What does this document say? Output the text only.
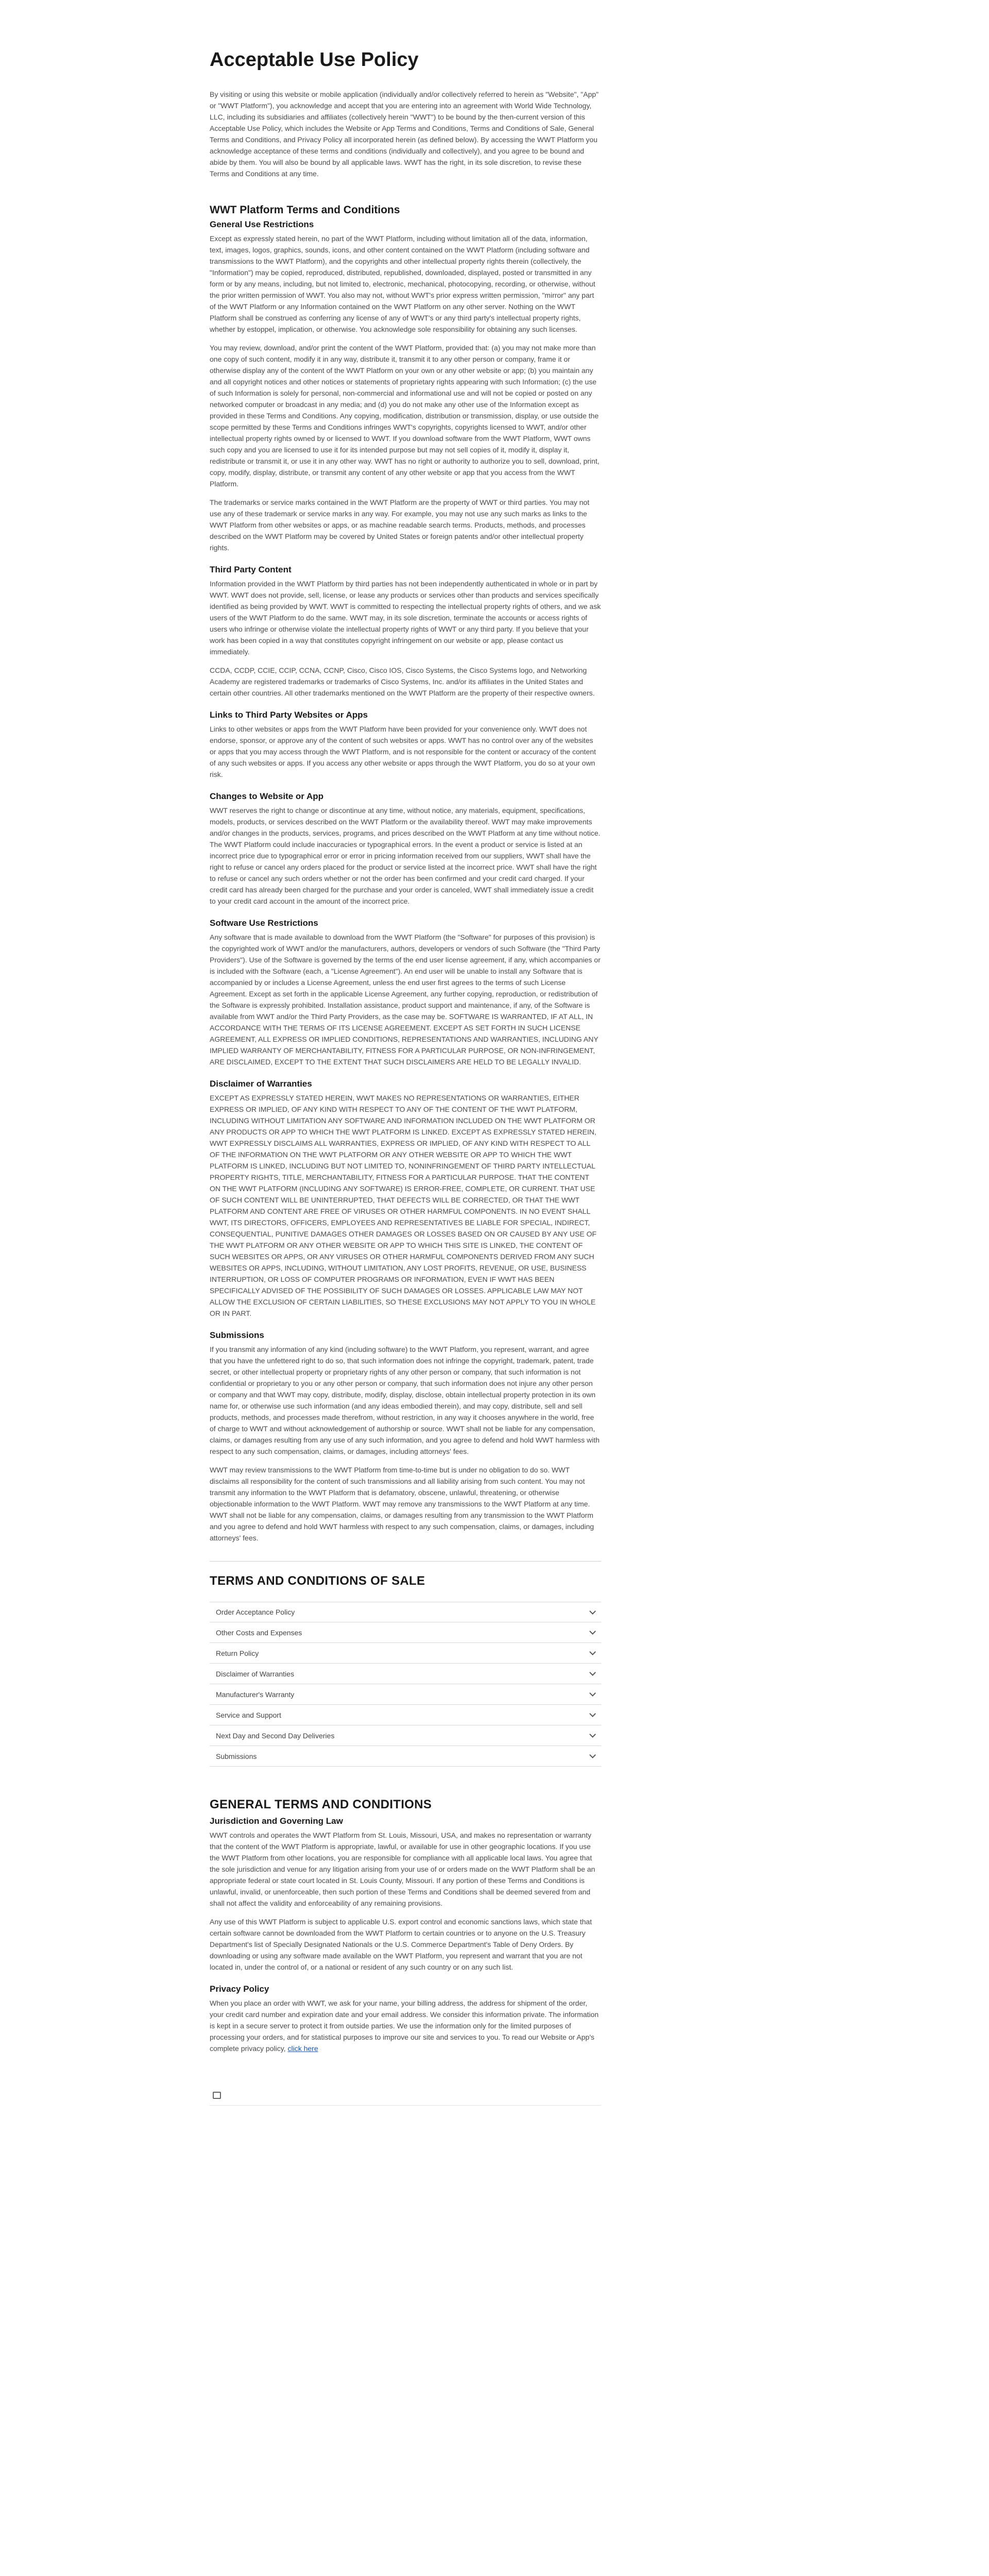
Acceptable Use Policy

By visiting or using this website or mobile application (individually and/or collectively referred to herein as "Website", "App" or "WWT Platform"), you acknowledge and accept that you are entering into an agreement with World Wide Technology, LLC, including its subsidiaries and affiliates (collectively herein "WWT") to be bound by the then-current version of this Acceptable Use Policy, which includes the Website or App Terms and Conditions, Terms and Conditions of Sale, General Terms and Conditions, and Privacy Policy all incorporated herein (as defined below). By accessing the WWT Platform you acknowledge acceptance of these terms and conditions (individually and collectively), and you agree to be bound and abide by them. You will also be bound by all applicable laws. WWT has the right, in its sole discretion, to revise these Terms and Conditions at any time.

WWT Platform Terms and Conditions
General Use Restrictions

Except as expressly stated herein, no part of the WWT Platform, including without limitation all of the data, information, text, images, logos, graphics, sounds, icons, and other content contained on the WWT Platform (including software and transmissions to the WWT Platform), and the copyrights and other intellectual property rights therein (collectively, the "Information") may be copied, reproduced, distributed, republished, downloaded, displayed, posted or transmitted in any form or by any means, including, but not limited to, electronic, mechanical, photocopying, recording, or otherwise, without the prior written permission of WWT. You also may not, without WWT's prior express written permission, "mirror" any part of the WWT Platform or any Information contained on the WWT Platform on any other server. Nothing on the WWT Platform shall be construed as conferring any license of any of WWT's or any third party's intellectual property rights, whether by estoppel, implication, or otherwise. You acknowledge sole responsibility for obtaining any such licenses.

You may review, download, and/or print the content of the WWT Platform, provided that: (a) you may not make more than one copy of such content, modify it in any way, distribute it, transmit it to any other person or company, frame it or otherwise display any of the content of the WWT Platform on your own or any other website or app; (b) you maintain any and all copyright notices and other notices or statements of proprietary rights appearing with such Information; (c) the use of such Information is solely for personal, non-commercial and informational use and will not be copied or posted on any networked computer or broadcast in any media; and (d) you do not make any other use of the Information except as provided in these Terms and Conditions. Any copying, modification, distribution or transmission, display, or use outside the scope permitted by these Terms and Conditions infringes WWT's copyrights, copyrights licensed to WWT, and/or other intellectual property rights owned by or licensed to WWT. If you download software from the WWT Platform, WWT owns such copy and you are licensed to use it for its intended purpose but may not sell copies of it, modify it, display it, redistribute or transmit it, or use it in any other way. WWT has no right or authority to authorize you to sell, download, print, copy, modify, display, distribute, or transmit any content of any other website or app that you access from the WWT Platform.

The trademarks or service marks contained in the WWT Platform are the property of WWT or third parties. You may not use any of these trademark or service marks in any way. For example, you may not use any such marks as links to the WWT Platform from other websites or apps, or as machine readable search terms. Products, methods, and processes described on the WWT Platform may be covered by United States or foreign patents and/or other intellectual property rights.

Third Party Content

Information provided in the WWT Platform by third parties has not been independently authenticated in whole or in part by WWT. WWT does not provide, sell, license, or lease any products or services other than products and services specifically identified as being provided by WWT. WWT is committed to respecting the intellectual property rights of others, and we ask users of the WWT Platform to do the same. WWT may, in its sole discretion, terminate the accounts or access rights of users who infringe or otherwise violate the intellectual property rights of WWT or any third party. If you believe that your work has been copied in a way that constitutes copyright infringement on our website or app, please contact us immediately.

CCDA, CCDP, CCIE, CCIP, CCNA, CCNP, Cisco, Cisco IOS, Cisco Systems, the Cisco Systems logo, and Networking Academy are registered trademarks or trademarks of Cisco Systems, Inc. and/or its affiliates in the United States and certain other countries. All other trademarks mentioned on the WWT Platform are the property of their respective owners.

Links to Third Party Websites or Apps

Links to other websites or apps from the WWT Platform have been provided for your convenience only. WWT does not endorse, sponsor, or approve any of the content of such websites or apps. WWT has no control over any of the websites or apps that you may access through the WWT Platform, and is not responsible for the content or accuracy of the content of any such websites or apps. If you access any other website or apps through the WWT Platform, you do so at your own risk.

Changes to Website or App

WWT reserves the right to change or discontinue at any time, without notice, any materials, equipment, specifications, models, products, or services described on the WWT Platform or the availability thereof. WWT may make improvements and/or changes in the products, services, programs, and prices described on the WWT Platform at any time without notice. The WWT Platform could include inaccuracies or typographical errors. In the event a product or service is listed at an incorrect price due to typographical error or error in pricing information received from our suppliers, WWT shall have the right to refuse or cancel any orders placed for the product or service listed at the incorrect price. WWT shall have the right to refuse or cancel any such orders whether or not the order has been confirmed and your credit card charged. If your credit card has already been charged for the purchase and your order is canceled, WWT shall immediately issue a credit to your credit card account in the amount of the incorrect price.

Software Use Restrictions

Any software that is made available to download from the WWT Platform (the "Software" for purposes of this provision) is the copyrighted work of WWT and/or the manufacturers, authors, developers or vendors of such Software (the "Third Party Providers"). Use of the Software is governed by the terms of the end user license agreement, if any, which accompanies or is included with the Software (each, a "License Agreement"). An end user will be unable to install any Software that is accompanied by or includes a License Agreement, unless the end user first agrees to the terms of such License Agreement. Except as set forth in the applicable License Agreement, any further copying, reproduction, or redistribution of the Software is expressly prohibited. Installation assistance, product support and maintenance, if any, of the Software is available from WWT and/or the Third Party Providers, as the case may be. SOFTWARE IS WARRANTED, IF AT ALL, IN ACCORDANCE WITH THE TERMS OF ITS LICENSE AGREEMENT. EXCEPT AS SET FORTH IN SUCH LICENSE AGREEMENT, ALL EXPRESS OR IMPLIED CONDITIONS, REPRESENTATIONS AND WARRANTIES, INCLUDING ANY IMPLIED WARRANTY OF MERCHANTABILITY, FITNESS FOR A PARTICULAR PURPOSE, OR NON-INFRINGEMENT, ARE DISCLAIMED, EXCEPT TO THE EXTENT THAT SUCH DISCLAIMERS ARE HELD TO BE LEGALLY INVALID.

Disclaimer of Warranties

EXCEPT AS EXPRESSLY STATED HEREIN, WWT MAKES NO REPRESENTATIONS OR WARRANTIES, EITHER EXPRESS OR IMPLIED, OF ANY KIND WITH RESPECT TO ANY OF THE CONTENT OF THE WWT PLATFORM, INCLUDING WITHOUT LIMITATION ANY SOFTWARE AND INFORMATION INCLUDED ON THE WWT PLATFORM OR ANY PRODUCTS OR APP TO WHICH THE WWT PLATFORM IS LINKED. EXCEPT AS EXPRESSLY STATED HEREIN, WWT EXPRESSLY DISCLAIMS ALL WARRANTIES, EXPRESS OR IMPLIED, OF ANY KIND WITH RESPECT TO ALL OF THE INFORMATION ON THE WWT PLATFORM OR ANY OTHER WEBSITE OR APP TO WHICH THE WWT PLATFORM IS LINKED, INCLUDING BUT NOT LIMITED TO, NONINFRINGEMENT OF THIRD PARTY INTELLECTUAL PROPERTY RIGHTS, TITLE, MERCHANTABILITY, FITNESS FOR A PARTICULAR PURPOSE. THAT THE CONTENT ON THE WWT PLATFORM (INCLUDING ANY SOFTWARE) IS ERROR-FREE, COMPLETE, OR CURRENT. THAT USE OF SUCH CONTENT WILL BE UNINTERRUPTED, THAT DEFECTS WILL BE CORRECTED, OR THAT THE WWT PLATFORM AND CONTENT ARE FREE OF VIRUSES OR OTHER HARMFUL COMPONENTS. IN NO EVENT SHALL WWT, ITS DIRECTORS, OFFICERS, EMPLOYEES AND REPRESENTATIVES BE LIABLE FOR SPECIAL, INDIRECT, CONSEQUENTIAL, PUNITIVE DAMAGES OTHER DAMAGES OR LOSSES BASED ON OR CAUSED BY ANY USE OF THE WWT PLATFORM OR ANY OTHER WEBSITE OR APP TO WHICH THIS SITE IS LINKED, THE CONTENT OF SUCH WEBSITES OR APPS, OR ANY VIRUSES OR OTHER HARMFUL COMPONENTS DERIVED FROM ANY SUCH WEBSITES OR APPS, INCLUDING, WITHOUT LIMITATION, ANY LOST PROFITS, REVENUE, OR USE, BUSINESS INTERRUPTION, OR LOSS OF COMPUTER PROGRAMS OR INFORMATION, EVEN IF WWT HAS BEEN SPECIFICALLY ADVISED OF THE POSSIBILITY OF SUCH DAMAGES OR LOSSES. APPLICABLE LAW MAY NOT ALLOW THE EXCLUSION OF CERTAIN LIABILITIES, SO THESE EXCLUSIONS MAY NOT APPLY TO YOU IN WHOLE OR IN PART.

Submissions

If you transmit any information of any kind (including software) to the WWT Platform, you represent, warrant, and agree that you have the unfettered right to do so, that such information does not infringe the copyright, trademark, patent, trade secret, or other intellectual property or proprietary rights of any other person or company, that such information is not confidential or proprietary to you or any other person or company, that such information does not injure any other person or company and that WWT may copy, distribute, modify, display, disclose, obtain intellectual property protection in its own name for, or otherwise use such information (and any ideas embodied therein), and may copy, distribute, sell and sell products, methods, and processes made therefrom, without restriction, in any way it chooses anywhere in the world, free of charge to WWT and without acknowledgement of authorship or source. WWT shall not be liable for any compensation, claims, or damages resulting from any use of any such information, and you agree to defend and hold WWT harmless with respect to any such compensation, claims, or damages, including attorneys' fees.

WWT may review transmissions to the WWT Platform from time-to-time but is under no obligation to do so. WWT disclaims all responsibility for the content of such transmissions and all liability arising from such content. You may not transmit any information to the WWT Platform that is defamatory, obscene, unlawful, threatening, or otherwise objectionable information to the WWT Platform. WWT may remove any transmissions to the WWT Platform at any time. WWT shall not be liable for any compensation, claims, or damages resulting from any transmission to the WWT Platform and you agree to defend and hold WWT harmless with respect to any such compensation, claims, or damages, including attorneys' fees.

TERMS AND CONDITIONS OF SALE
Order Acceptance Policy
Other Costs and Expenses
Return Policy
Disclaimer of Warranties
Manufacturer's Warranty
Service and Support
Next Day and Second Day Deliveries
Submissions
GENERAL TERMS AND CONDITIONS
Jurisdiction and Governing Law

WWT controls and operates the WWT Platform from St. Louis, Missouri, USA, and makes no representation or warranty that the content of the WWT Platform is appropriate, lawful, or available for use in other geographic locations. If you use the WWT Platform from other locations, you are responsible for compliance with all applicable local laws. You agree that the sole jurisdiction and venue for any litigation arising from your use of or orders made on the WWT Platform shall be an appropriate federal or state court located in St. Louis County, Missouri. If any portion of these Terms and Conditions is unlawful, invalid, or unenforceable, then such portion of these Terms and Conditions shall be deemed severed from and shall not affect the validity and enforceability of any remaining provisions.

Any use of this WWT Platform is subject to applicable U.S. export control and economic sanctions laws, which state that certain software cannot be downloaded from the WWT Platform to certain countries or to anyone on the U.S. Treasury Department's list of Specially Designated Nationals or the U.S. Commerce Department's Table of Deny Orders. By downloading or using any software made available on the WWT Platform, you represent and warrant that you are not located in, under the control of, or a national or resident of any such country or on any such list.

Privacy Policy

When you place an order with WWT, we ask for your name, your billing address, the address for shipment of the order, your credit card number and expiration date and your email address. We consider this information private. The information is kept in a secure server to protect it from outside parties. We use the information only for the limited purposes of processing your orders, and for statistical purposes to improve our site and services to you. To read our Website or App's complete privacy policy, click here
